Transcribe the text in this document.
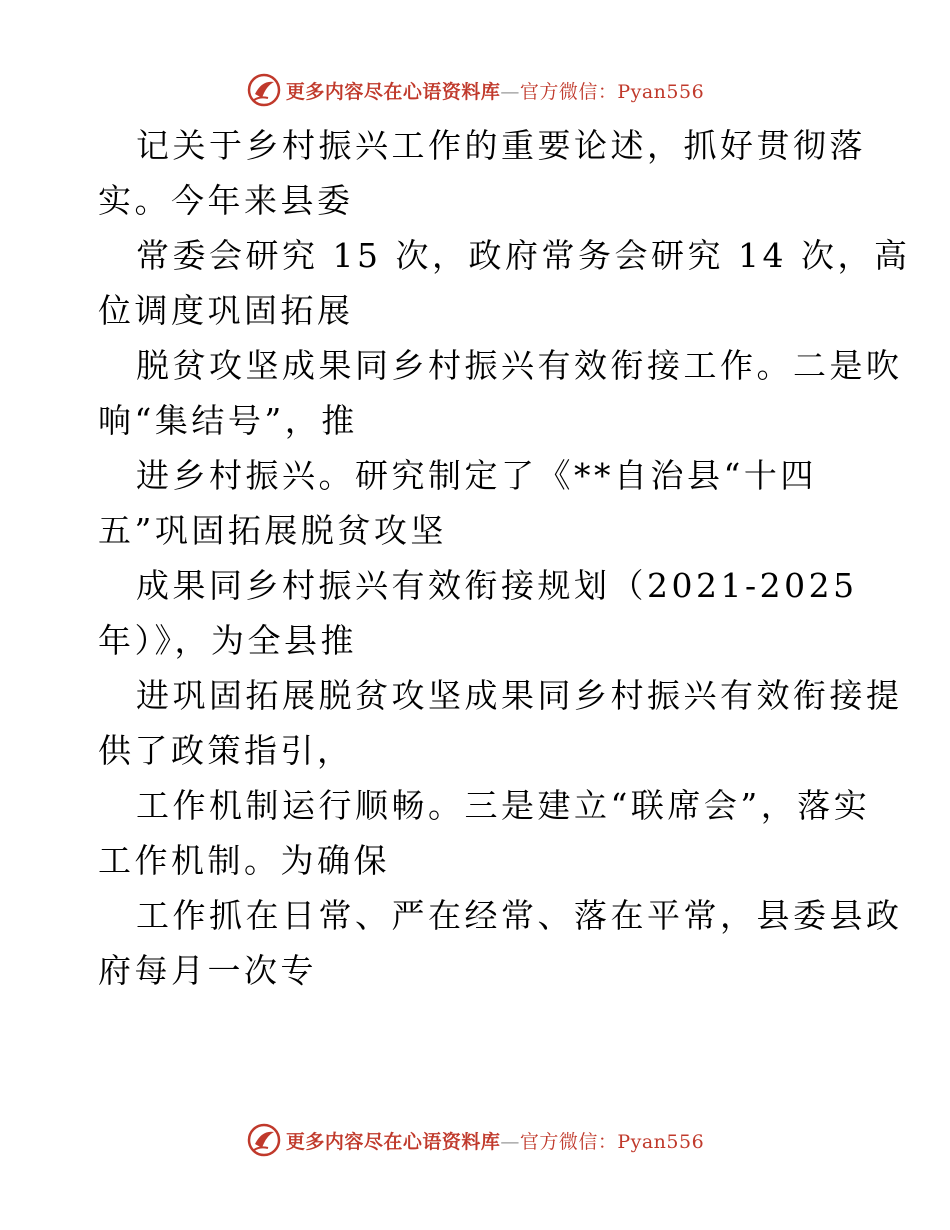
更多内容尽在心语资料库—官方微信：Pyan556
记关于乡村振兴工作的重要论述，抓好贯彻落
实。今年来县委
常委会研究 15 次，政府常务会研究 14 次，高
位调度巩固拓展
脱贫攻坚成果同乡村振兴有效衔接工作。二是吹
响“集结号”，推
进乡村振兴。研究制定了《**自治县“十四
五”巩固拓展脱贫攻坚
成果同乡村振兴有效衔接规划（2021-2025
年）》，为全县推
进巩固拓展脱贫攻坚成果同乡村振兴有效衔接提
供了政策指引，
工作机制运行顺畅。三是建立“联席会”，落实
工作机制。为确保
工作抓在日常、严在经常、落在平常，县委县政
府每月一次专
更多内容尽在心语资料库—官方微信：Pyan556
